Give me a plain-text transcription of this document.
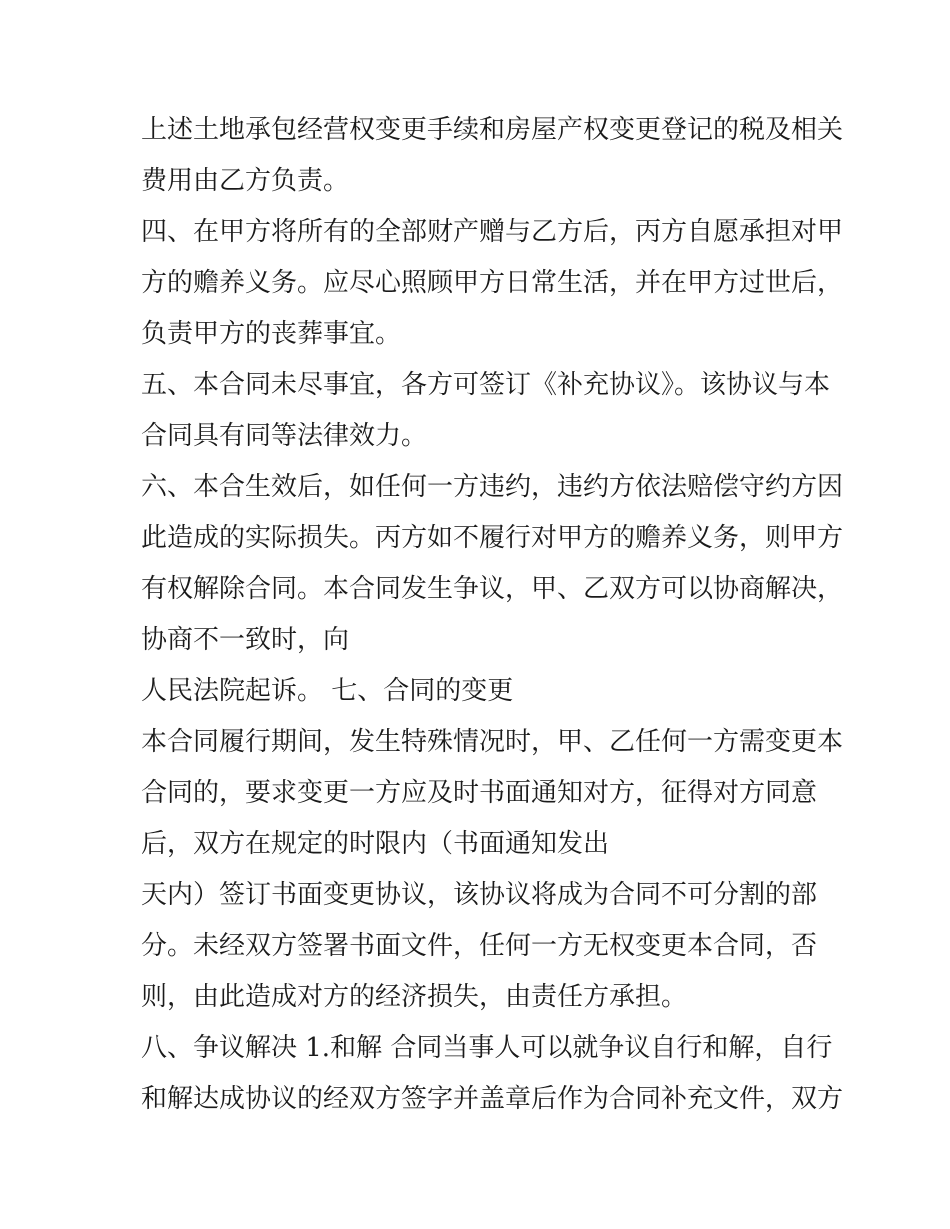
上述土地承包经营权变更手续和房屋产权变更登记的税及相关
费用由乙方负责。
四、在甲方将所有的全部财产赠与乙方后，丙方自愿承担对甲
方的赡养义务。应尽心照顾甲方日常生活，并在甲方过世后，
负责甲方的丧葬事宜。
五、本合同未尽事宜，各方可签订《补充协议》。该协议与本
合同具有同等法律效力。
六、本合生效后，如任何一方违约，违约方依法赔偿守约方因
此造成的实际损失。丙方如不履行对甲方的赡养义务，则甲方
有权解除合同。本合同发生争议，甲、乙双方可以协商解决，
协商不一致时，向
人民法院起诉。 七、合同的变更
本合同履行期间，发生特殊情况时，甲、乙任何一方需变更本
合同的，要求变更一方应及时书面通知对方，征得对方同意
后，双方在规定的时限内（书面通知发出
天内）签订书面变更协议，该协议将成为合同不可分割的部
分。未经双方签署书面文件，任何一方无权变更本合同，否
则，由此造成对方的经济损失，由责任方承担。
八、争议解决 1.和解 合同当事人可以就争议自行和解，自行
和解达成协议的经双方签字并盖章后作为合同补充文件，双方
